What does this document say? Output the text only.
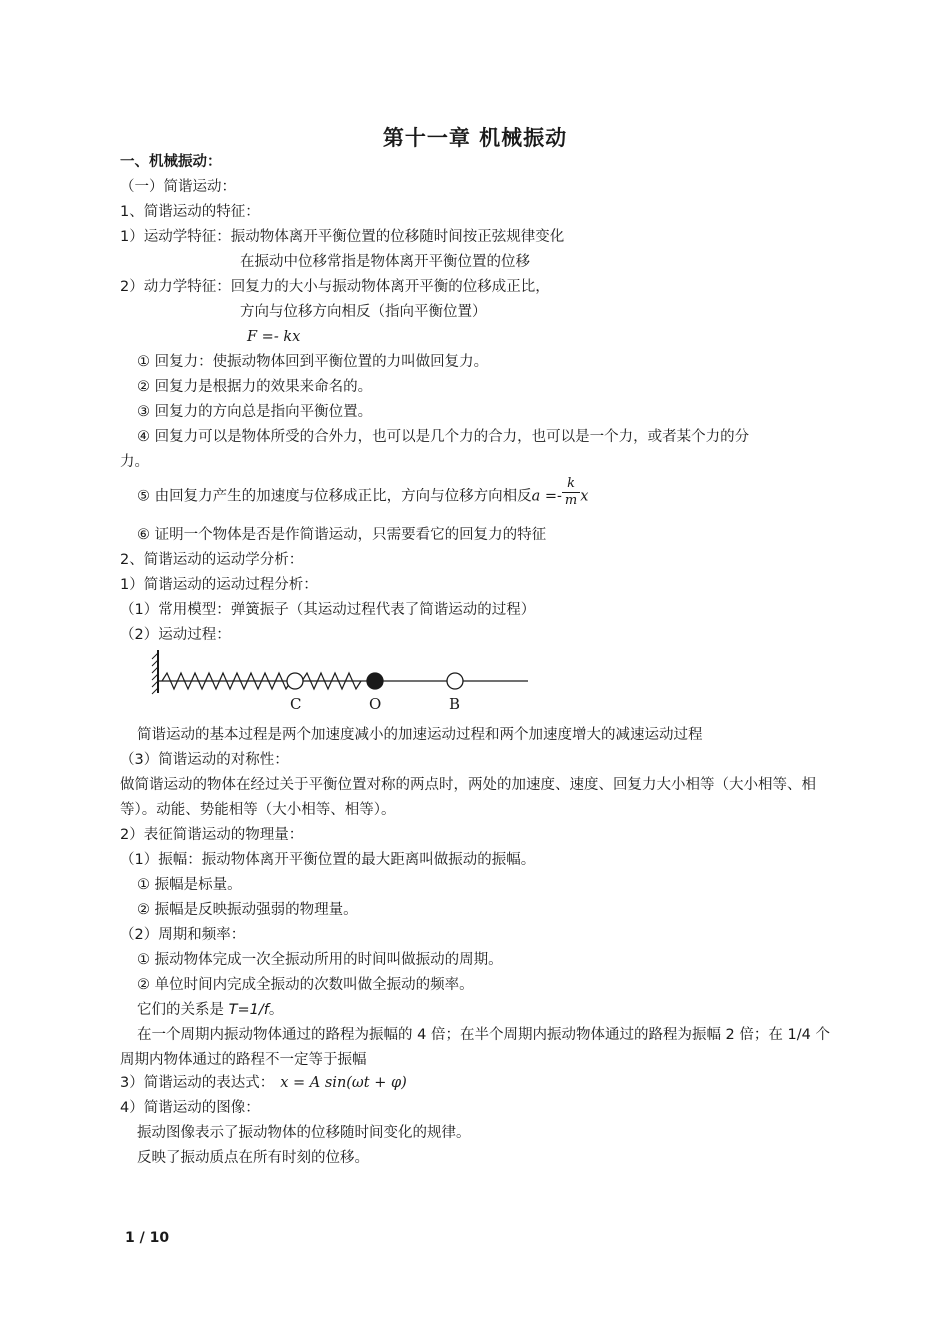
第十一章 机械振动
一、机械振动：
（一）简谐运动：
1、简谐运动的特征：
1）运动学特征：振动物体离开平衡位置的位移随时间按正弦规律变化
在振动中位移常指是物体离开平衡位置的位移
2）动力学特征：回复力的大小与振动物体离开平衡的位移成正比，
方向与位移方向相反（指向平衡位置）
F =- kx
① 回复力：使振动物体回到平衡位置的力叫做回复力。
② 回复力是根据力的效果来命名的。
③ 回复力的方向总是指向平衡位置。
④ 回复力可以是物体所受的合外力，也可以是几个力的合力，也可以是一个力，或者某个力的分
力。
⑤ 由回复力产生的加速度与位移成正比，方向与位移方向相反$a =- \frac{k}{m}$ x
⑥ 证明一个物体是否是作简谐运动，只需要看它的回复力的特征
2、简谐运动的运动学分析：
1）简谐运动的运动过程分析：
（1）常用模型：弹簧振子（其运动过程代表了简谐运动的过程）
（2）运动过程：
C	O	B
简谐运动的基本过程是两个加速度减小的加速运动过程和两个加速度增大的减速运动过程
（3）简谐运动的对称性：
做简谐运动的物体在经过关于平衡位置对称的两点时，两处的加速度、速度、回复力大小相等（大小相等、相等）。动能、势能相等（大小相等、相等）。
2）表征简谐运动的物理量：
（1）振幅：振动物体离开平衡位置的最大距离叫做振动的振幅。
① 振幅是标量。
② 振幅是反映振动强弱的物理量。
（2）周期和频率：
① 振动物体完成一次全振动所用的时间叫做振动的周期。
② 单位时间内完成全振动的次数叫做全振动的频率。
它们的关系是 T=1/f。
在一个周期内振动物体通过的路程为振幅的 4 倍；在半个周期内振动物体通过的路程为振幅 2 倍；在 1/4 个周期内物体通过的路程不一定等于振幅
3）简谐运动的表达式： x = A sin(ωt + φ)
4）简谐运动的图像：
振动图像表示了振动物体的位移随时间变化的规律。
反映了振动质点在所有时刻的位移。
1 / 10
